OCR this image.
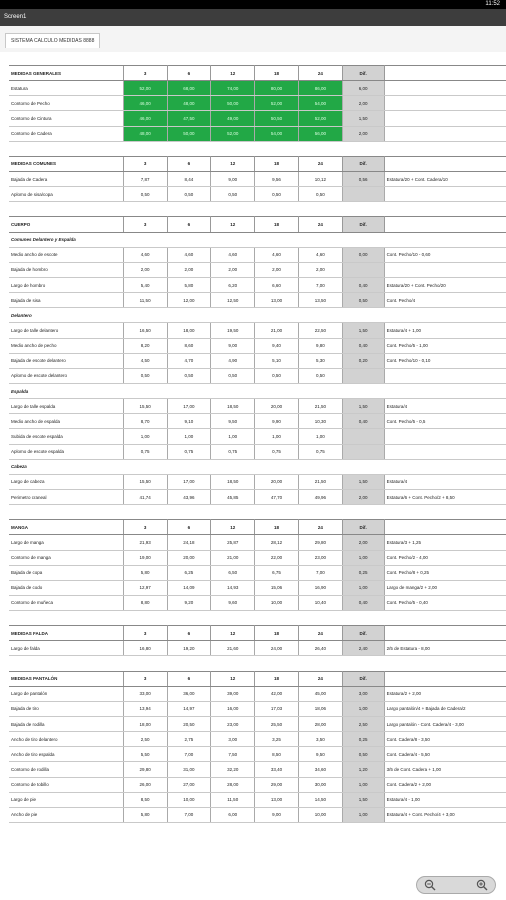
11:52
Screen1
SISTEMA CALCULO MEDIDAS 8888
MEDIDAS GENERALES	3	6	12	18	24	Dif.	
Estatura	52,00	68,00	74,00	80,00	86,00	6,00	
Contorno de Pecho	46,00	48,00	50,00	52,00	54,00	2,00	
Contorno de Cintura	46,00	47,50	49,00	50,50	52,00	1,50	
Contorno de Cadera	48,00	50,00	52,00	54,00	56,00	2,00	

MEDIDAS COMUNES	3	6	12	18	24	Dif.	
Bajada de Cadera	7,87	8,44	9,00	9,56	10,12	0,56	Estatura/20 + Cont. Cadera/10
Aplomo de sisa/copa	0,50	0,50	0,50	0,50	0,50		

CUERPO	3	6	12	18	24	Dif.	
Comunes Delantero y Espalda							
Medio ancho de escote	4,60	4,60	4,60	4,60	4,60	0,00	Cont. Pecho/10 - 0,60
Bajada de hombro	2,00	2,00	2,00	2,00	2,00		
Largo de hombro	5,40	5,80	6,20	6,60	7,00	0,40	Estatura/20 + Cont. Pecho/20
Bajada de sisa	11,50	12,00	12,50	13,00	13,50	0,50	Cont. Pecho/4
Delantero							
Largo de talle delantero	16,50	18,00	19,50	21,00	22,50	1,50	Estatura/4 + 1,00
Medio ancho de pecho	8,20	8,60	9,00	9,40	9,80	0,40	Cont. Pecho/5 - 1,00
Bajada de escote delantero	4,50	4,70	4,90	5,10	5,30	0,20	Cont. Pecho/10 - 0,10
Aplomo de escote delantero	0,50	0,50	0,50	0,50	0,50		
Espalda							
Largo de talle espalda	15,50	17,00	18,50	20,00	21,50	1,50	Estatura/4
Medio ancho de espalda	8,70	9,10	9,50	9,90	10,30	0,40	Cont. Pecho/5 - 0,5
Subida de escote espalda	1,00	1,00	1,00	1,00	1,00		
Aplomo de escote espalda	0,75	0,75	0,75	0,75	0,75		
Cabeza							
Largo de cabeza	15,50	17,00	18,50	20,00	21,50	1,50	Estatura/4
Perimetro craneal	41,74	43,96	45,85	47,70	49,96	2,00	Estatura/6 + Cont. Pecho/2 + 8,50

MANGA	3	6	12	18	24	Dif.	
Largo de manga	21,93	24,18	25,87	28,12	29,80	2,00	Estatura/3 + 1,25
Contorno de manga	19,00	20,00	21,00	22,00	23,00	1,00	Cont. Pecho/2 - 4,00
Bajada de copa	5,80	6,25	6,50	6,75	7,00	0,25	Cont. Pecho/8 + 0,25
Bajada de codo	12,97	14,09	14,93	15,06	16,90	1,00	Largo de manga/2 + 2,00
Contorno de muñeca	8,80	9,20	9,60	10,00	10,40	0,40	Cont. Pecho/5 - 0,40

MEDIDAS FALDA	3	6	12	18	24	Dif.	
Largo de falda	16,80	19,20	21,60	24,00	26,40	2,40	2/5 de Estatura - 8,00

MEDIDAS PANTALÓN	3	6	12	18	24	Dif.	
Largo de pantalón	33,00	36,00	39,00	42,00	45,00	3,00	Estatura/2 + 2,00
Bajada de tiro	13,94	14,97	16,00	17,03	18,06	1,00	Largo pantalón/4 + Bajada de Cadera/2
Bajada de rodilla	18,00	20,50	23,00	25,50	28,00	2,50	Largo pantalón - Cont. Cadera/4 - 3,00
Ancho de tiro delantero	2,50	2,75	3,00	3,25	3,50	0,25	Cont. Cadera/8 - 3,50
Ancho de tiro espalda	5,50	7,00	7,50	8,50	9,50	0,50	Cont. Cadera/4 - 5,50
Contorno de rodilla	29,80	31,00	32,20	33,40	34,60	1,20	3/5 de Cont. Cadera + 1,00
Contorno de tobillo	26,00	27,00	28,00	29,00	30,00	1,00	Cont. Cadera/2 + 2,00
Largo de pie	8,50	10,00	11,50	13,00	14,50	1,50	Estatura/4 - 1,00
Ancho de pie	5,80	7,00	6,00	9,00	10,00	1,00	Estatura/4 + Cont. Pecho/4 + 3,00
